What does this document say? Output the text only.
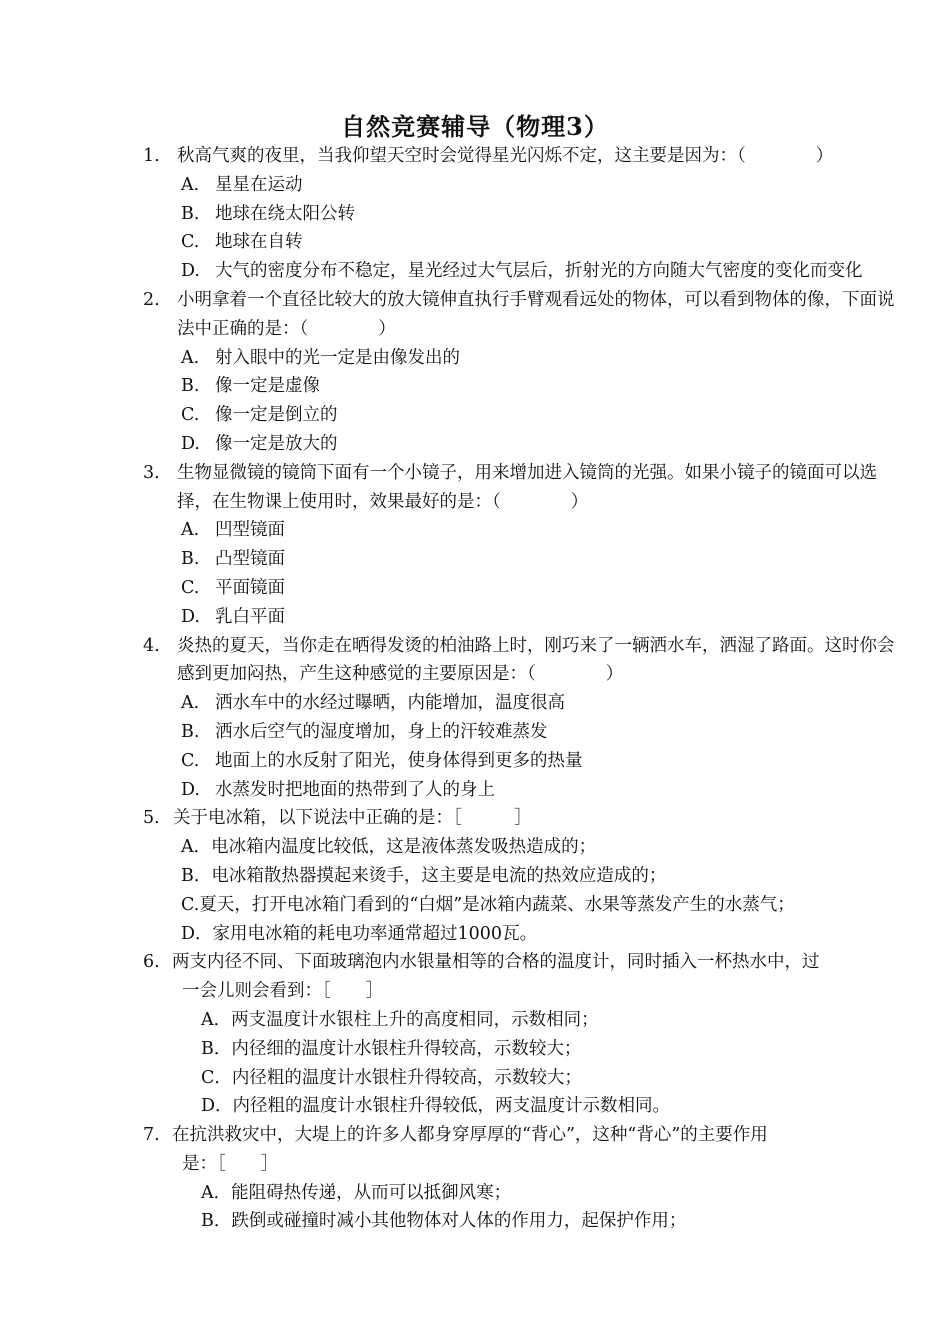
自然竞赛辅导（物理3）
1. 秋高气爽的夜里，当我仰望天空时会觉得星光闪烁不定，这主要是因为：（　　　　）
A. 星星在运动
B. 地球在绕太阳公转
C. 地球在自转
D. 大气的密度分布不稳定，星光经过大气层后，折射光的方向随大气密度的变化而变化
2. 小明拿着一个直径比较大的放大镜伸直执行手臂观看远处的物体，可以看到物体的像，下面说法中正确的是：（　　　　）
A. 射入眼中的光一定是由像发出的
B. 像一定是虚像
C. 像一定是倒立的
D. 像一定是放大的
3. 生物显微镜的镜筒下面有一个小镜子，用来增加进入镜筒的光强。如果小镜子的镜面可以选择，在生物课上使用时，效果最好的是：（　　　　）
A. 凹型镜面
B. 凸型镜面
C. 平面镜面
D. 乳白平面
4. 炎热的夏天，当你走在晒得发烫的柏油路上时，刚巧来了一辆洒水车，洒湿了路面。这时你会感到更加闷热，产生这种感觉的主要原因是：（　　　　）
A. 洒水车中的水经过曝晒，内能增加，温度很高
B. 洒水后空气的湿度增加，身上的汗较难蒸发
C. 地面上的水反射了阳光，使身体得到更多的热量
D. 水蒸发时把地面的热带到了人的身上
5. 关于电冰箱，以下说法中正确的是：［　　　］
A．电冰箱内温度比较低，这是液体蒸发吸热造成的；
B．电冰箱散热器摸起来烫手，这主要是电流的热效应造成的；
C.夏天，打开电冰箱门看到的“白烟”是冰箱内蔬菜、水果等蒸发产生的水蒸气；
D．家用电冰箱的耗电功率通常超过1000瓦。
6. 两支内径不同、下面玻璃泡内水银量相等的合格的温度计，同时插入一杯热水中，过
一会儿则会看到：［　　］
A．两支温度计水银柱上升的高度相同，示数相同；
B．内径细的温度计水银柱升得较高，示数较大；
C．内径粗的温度计水银柱升得较高，示数较大；
D．内径粗的温度计水银柱升得较低，两支温度计示数相同。
7. 在抗洪救灾中，大堤上的许多人都身穿厚厚的“背心”，这种“背心”的主要作用
是：［　　］
A．能阻碍热传递，从而可以抵御风寒；
B．跌倒或碰撞时减小其他物体对人体的作用力，起保护作用；
